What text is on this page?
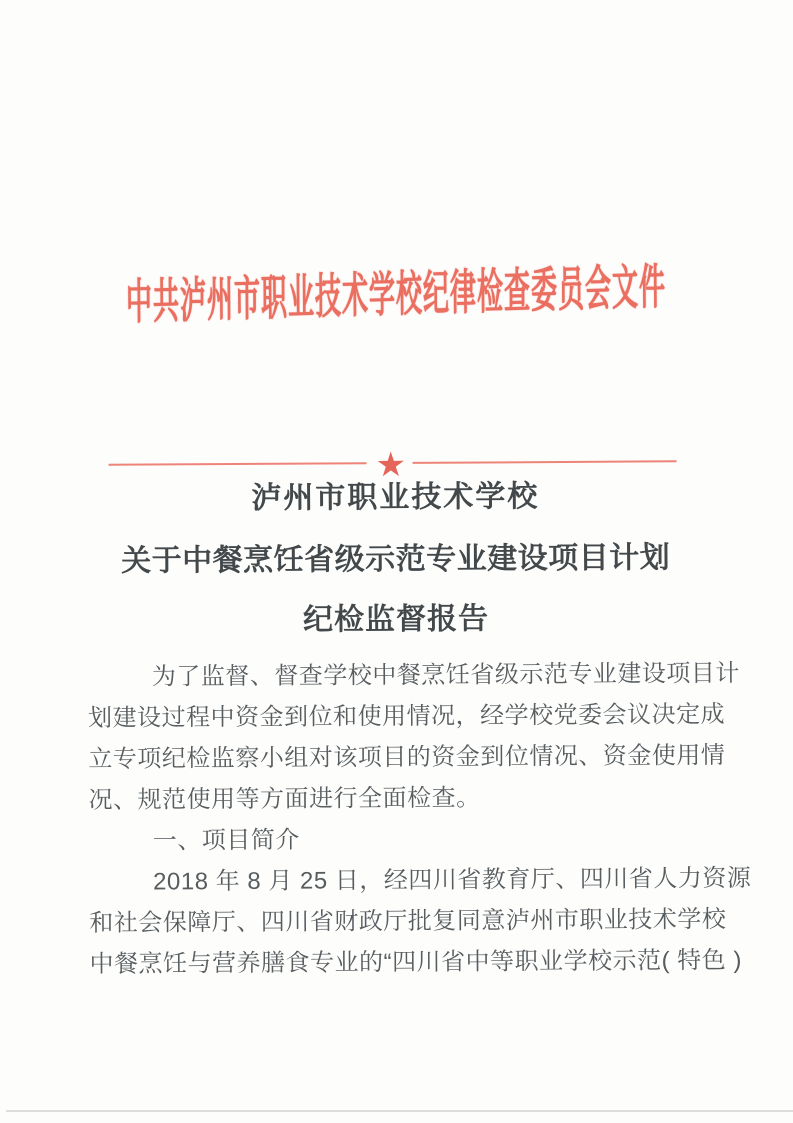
中共泸州市职业技术学校纪律检查委员会文件
★
泸州市职业技术学校
关于中餐烹饪省级示范专业建设项目计划
纪检监督报告
为了监督、督查学校中餐烹饪省级示范专业建设项目计
划建设过程中资金到位和使用情况，经学校党委会议决定成
立专项纪检监察小组对该项目的资金到位情况、资金使用情
况、规范使用等方面进行全面检查。
一、项目简介
2018 年 8 月 25 日，经四川省教育厅、四川省人力资源
和社会保障厅、四川省财政厅批复同意泸州市职业技术学校
中餐烹饪与营养膳食专业的“四川省中等职业学校示范( 特色 )
